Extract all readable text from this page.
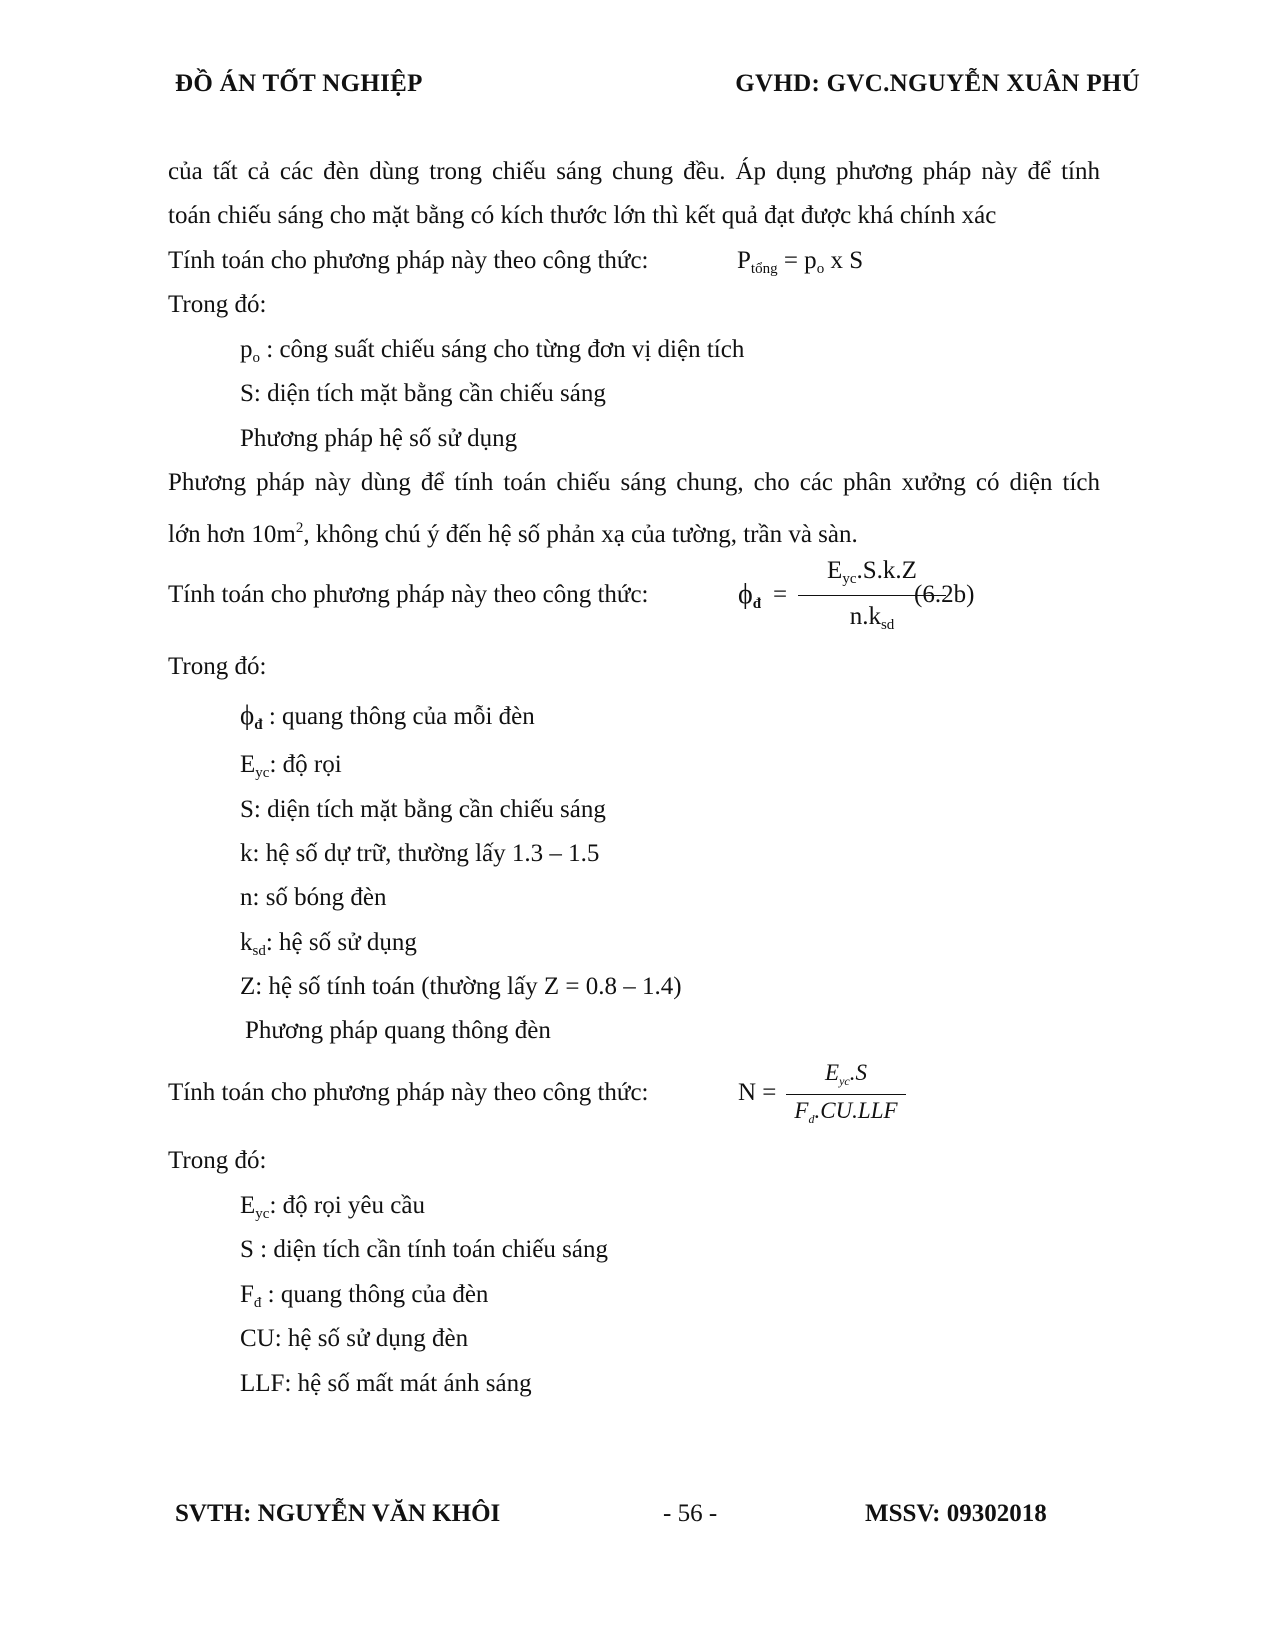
ĐỒ ÁN TỐT NGHIỆP	GVHD: GVC.NGUYỄN XUÂN PHÚ
của tất cả các đèn dùng trong chiếu sáng chung đều. Áp dụng phương pháp này để tính
toán chiếu sáng cho mặt bằng có kích thước lớn thì kết quả đạt được khá chính xác
Tính toán cho phương pháp này theo công thức:	$P_{tổng} = p_o$ x S
Trong đó:
$p_o$ : công suất chiếu sáng cho từng đơn vị diện tích
S: diện tích mặt bằng cần chiếu sáng
Phương pháp hệ số sử dụng
Phương pháp này dùng để tính toán chiếu sáng chung, cho các phân xưởng có diện tích
lớn hơn $10m^2$, không chú ý đến hệ số phản xạ của tường, trần và sàn.
Tính toán cho phương pháp này theo công thức:	$\phi_đ$ =
$E_{yc}.S.k.Z$
$n.k_{sd}$
(6.2b)
Trong đó:
$\phi_đ$ : quang thông của mỗi đèn
$E_{yc}$: độ rọi
S: diện tích mặt bằng cần chiếu sáng
k: hệ số dự trữ, thường lấy 1.3 – 1.5
n: số bóng đèn
$k_{sd}$: hệ số sử dụng
Z: hệ số tính toán (thường lấy Z = 0.8 – 1.4)
Phương pháp quang thông đèn
Tính toán cho phương pháp này theo công thức:	N =
$E_{yc}.S$
$F_d.CU.LLF$
Trong đó:
$E_{yc}$: độ rọi yêu cầu
S : diện tích cần tính toán chiếu sáng
$F_đ$ : quang thông của đèn
CU: hệ số sử dụng đèn
LLF: hệ số mất mát ánh sáng
SVTH: NGUYỄN VĂN KHÔI	- 56 -	MSSV: 09302018
